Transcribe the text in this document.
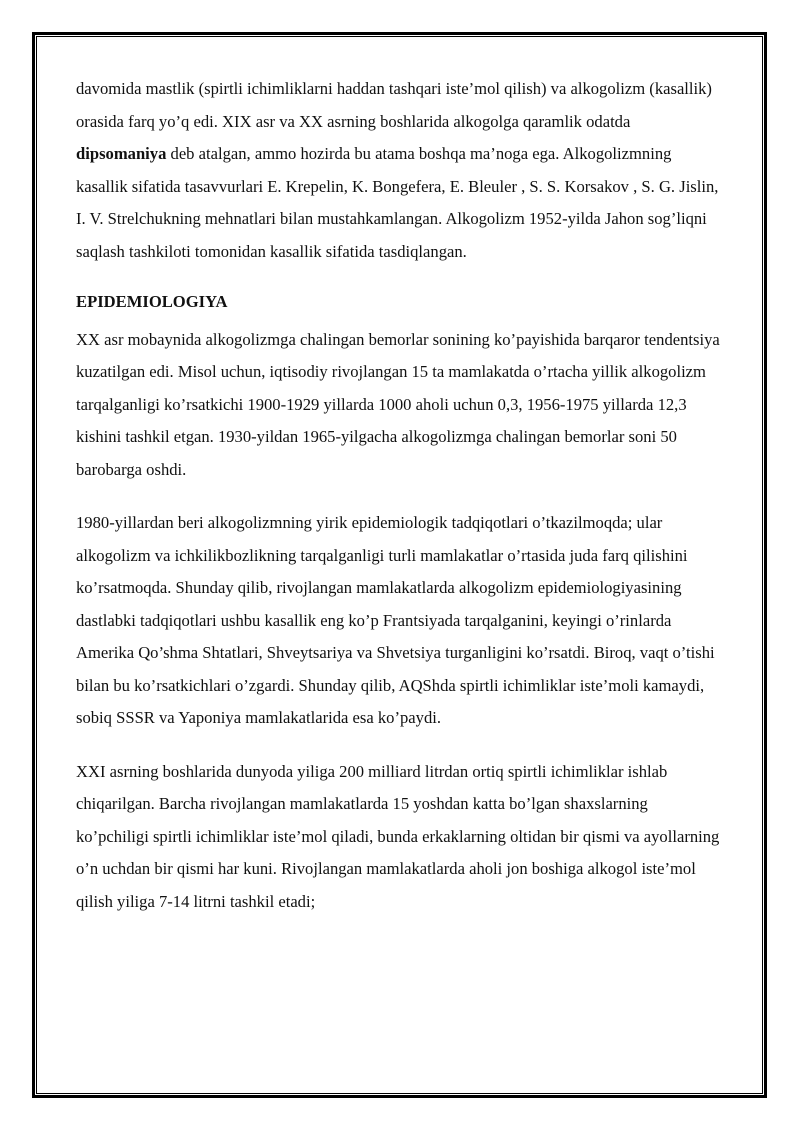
davomida mastlik (spirtli ichimliklarni haddan tashqari iste’mol qilish) va alkogolizm (kasallik) orasida farq yo’q edi. XIX asr va XX asrning boshlarida alkogolga qaramlik odatda dipsomaniya deb atalgan, ammo hozirda bu atama boshqa ma’noga ega. Alkogolizmning kasallik sifatida tasavvurlari E. Krepelin, K. Bongefera, E. Bleuler , S. S. Korsakov , S. G. Jislin, I. V. Strelchukning mehnatlari bilan mustahkamlangan. Alkogolizm 1952-yilda Jahon sog’liqni saqlash tashkiloti tomonidan kasallik sifatida tasdiqlangan.

EPIDEMIOLOGIYA

XX asr mobaynida alkogolizmga chalingan bemorlar sonining ko’payishida barqaror tendentsiya kuzatilgan edi. Misol uchun, iqtisodiy rivojlangan 15 ta mamlakatda o’rtacha yillik alkogolizm tarqalganligi ko’rsatkichi 1900-1929 yillarda 1000 aholi uchun 0,3, 1956-1975 yillarda 12,3 kishini tashkil etgan. 1930-yildan 1965-yilgacha alkogolizmga chalingan bemorlar soni 50 barobarga oshdi.

1980-yillardan beri alkogolizmning yirik epidemiologik tadqiqotlari o’tkazilmoqda; ular alkogolizm va ichkilikbozlikning tarqalganligi turli mamlakatlar o’rtasida juda farq qilishini ko’rsatmoqda. Shunday qilib, rivojlangan mamlakatlarda alkogolizm epidemiologiyasining dastlabki tadqiqotlari ushbu kasallik eng ko’p Frantsiyada tarqalganini, keyingi o’rinlarda Amerika Qo’shma Shtatlari, Shveytsariya va Shvetsiya turganligini ko’rsatdi. Biroq, vaqt o’tishi bilan bu ko’rsatkichlari o’zgardi. Shunday qilib, AQShda spirtli ichimliklar iste’moli kamaydi, sobiq SSSR va Yaponiya mamlakatlarida esa ko’paydi.

XXI asrning boshlarida dunyoda yiliga 200 milliard litrdan ortiq spirtli ichimliklar ishlab chiqarilgan. Barcha rivojlangan mamlakatlarda 15 yoshdan katta bo’lgan shaxslarning ko’pchiligi spirtli ichimliklar iste’mol qiladi, bunda erkaklarning oltidan bir qismi va ayollarning o’n uchdan bir qismi har kuni. Rivojlangan mamlakatlarda aholi jon boshiga alkogol iste’mol qilish yiliga 7-14 litrni tashkil etadi;
